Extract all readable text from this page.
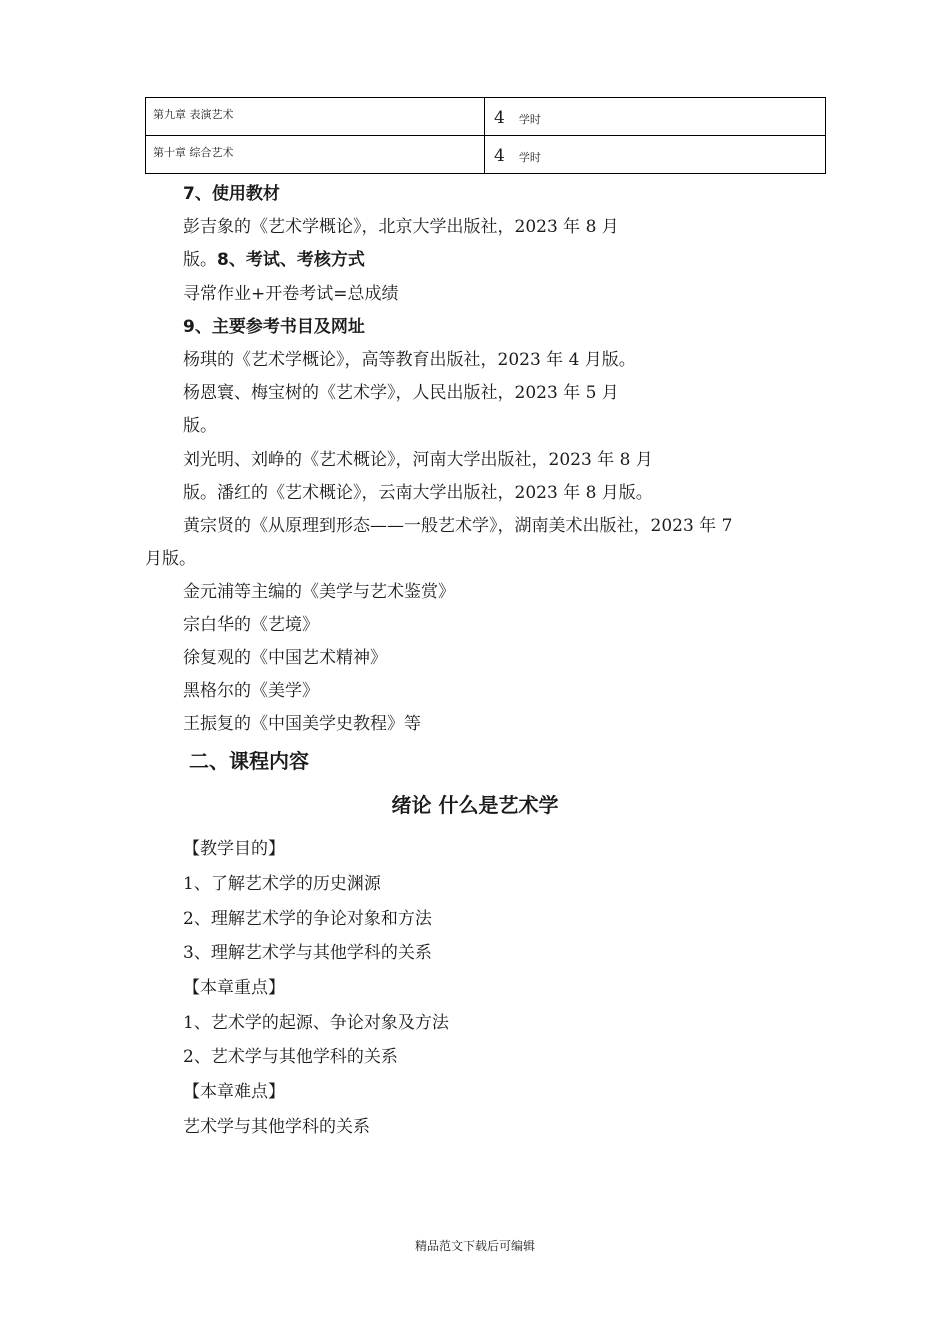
第九章 表演艺术	4 学时
第十章 综合艺术	4 学时

7、使用教材

彭吉象的《艺术学概论》，北京大学出版社，2023 年 8 月

版。8、考试、考核方式

寻常作业+开卷考试=总成绩

9、主要参考书目及网址

杨琪的《艺术学概论》，高等教育出版社，2023 年 4 月版。

杨恩寰、梅宝树的《艺术学》，人民出版社，2023 年 5 月

版。

刘光明、刘峥的《艺术概论》，河南大学出版社，2023 年 8 月

版。潘红的《艺术概论》，云南大学出版社，2023 年 8 月版。

黄宗贤的《从原理到形态——一般艺术学》，湖南美术出版社，2023 年 7

月版。

金元浦等主编的《美学与艺术鉴赏》

宗白华的《艺境》

徐复观的《中国艺术精神》

黑格尔的《美学》

王振复的《中国美学史教程》等

二、课程内容

绪论 什么是艺术学

【教学目的】

1、了解艺术学的历史渊源

2、理解艺术学的争论对象和方法

3、理解艺术学与其他学科的关系

【本章重点】

1、艺术学的起源、争论对象及方法

2、艺术学与其他学科的关系

【本章难点】

艺术学与其他学科的关系

精品范文下载后可编辑
